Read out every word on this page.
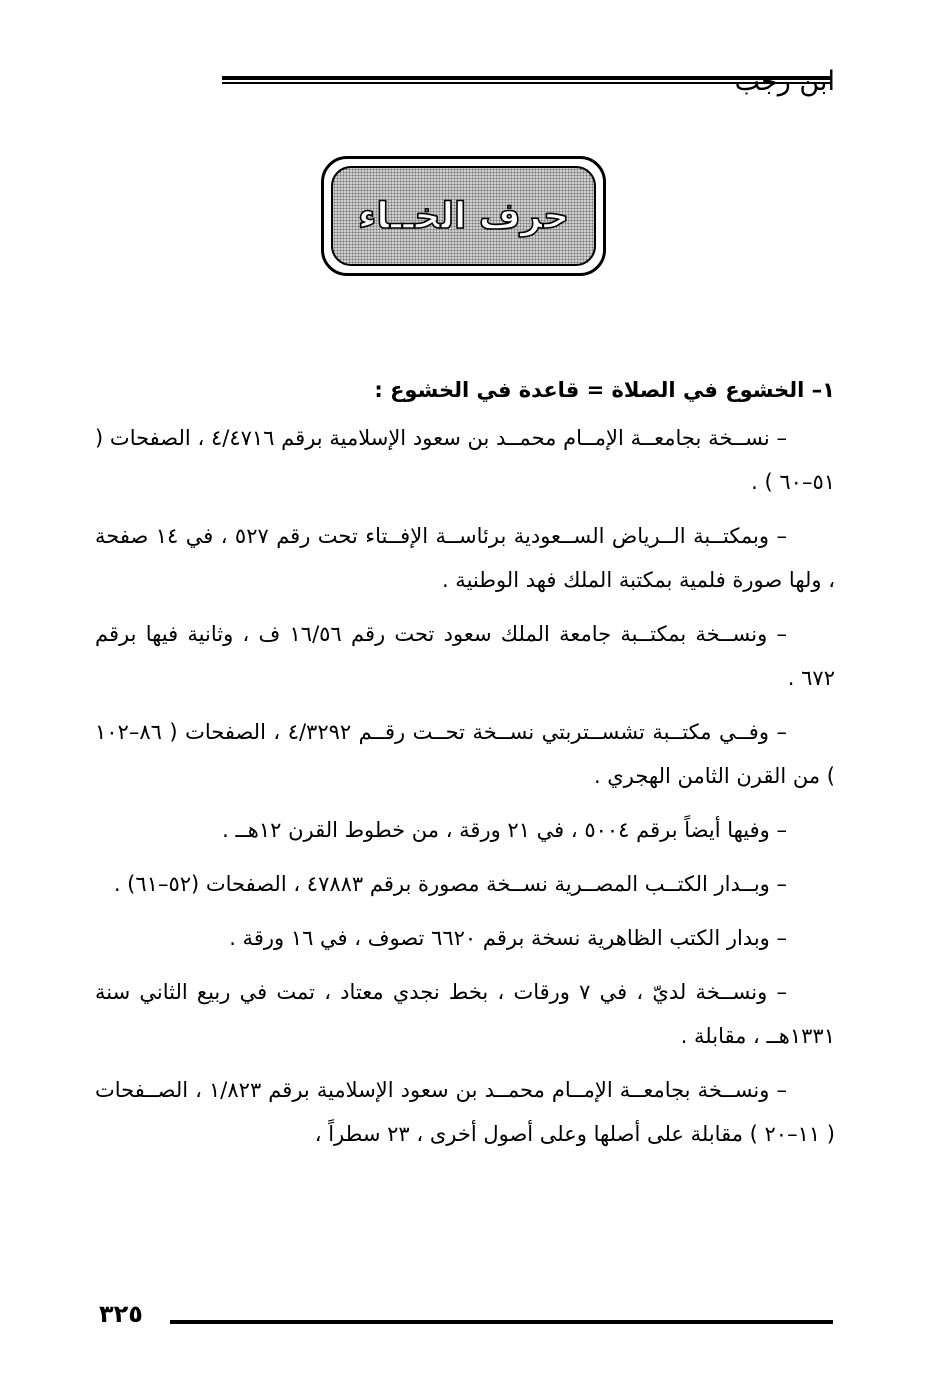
ابن رجب
حرف الخــاء

١– الخشوع في الصلاة = قاعدة في الخشوع :

– نســخة بجامعــة الإمــام محمــد بن سعود الإسلامية برقم ٤/٤٧١٦ ، الصفحات ( ٥١–٦٠ ) .

– وبمكتــبة الــرياض الســعودية برئاســة الإفــتاء تحت رقم ٥٢٧ ، في ١٤ صفحة ، ولها صورة فلمية بمكتبة الملك فهد الوطنية .

– ونســخة بمكتــبة جامعة الملك سعود تحت رقم ١٦/٥٦ ف ، وثانية فيها برقم ٦٧٢ .

– وفــي مكتــبة تشســتربتي نســخة تحــت رقــم ٤/٣٢٩٢ ، الصفحات ( ٨٦–١٠٢ ) من القرن الثامن الهجري .

– وفيها أيضاً برقم ٥٠٠٤ ، في ٢١ ورقة ، من خطوط القرن ١٢هــ .

– وبــدار الكتــب المصــرية نســخة مصورة برقم ٤٧٨٨٣ ، الصفحات (٥٢–٦١) .

– وبدار الكتب الظاهرية نسخة برقم ٦٦٢٠ تصوف ، في ١٦ ورقة .

– ونســخة لديّ ، في ٧ ورقات ، بخط نجدي معتاد ، تمت في ربيع الثاني سنة ١٣٣١هــ ، مقابلة .

– ونســخة بجامعــة الإمــام محمــد بن سعود الإسلامية برقم ١/٨٢٣ ، الصــفحات ( ١١–٢٠ ) مقابلة على أصلها وعلى أصول أخرى ، ٢٣ سطراً ،

٣٢٥
